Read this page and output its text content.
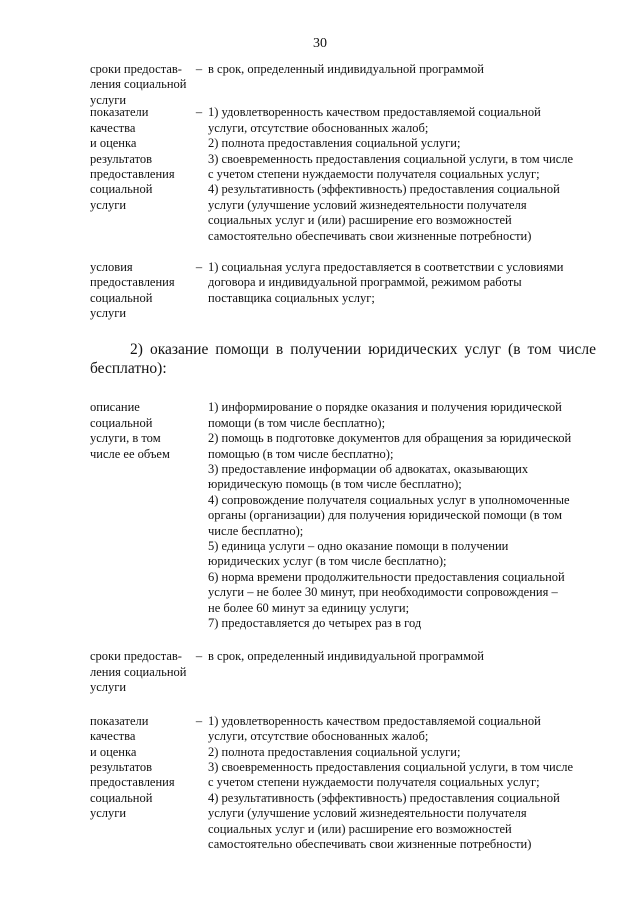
30
сроки предостав-
ления социальной
услуги
– в срок, определенный индивидуальной программой
показатели
качества
и оценка
результатов
предоставления
социальной
услуги
– 1) удовлетворенность качеством предоставляемой социальной
услуги, отсутствие обоснованных жалоб;
2) полнота предоставления социальной услуги;
3) своевременность предоставления социальной услуги, в том числе
с учетом степени нуждаемости получателя социальных услуг;
4) результативность (эффективность) предоставления социальной
услуги (улучшение условий жизнедеятельности получателя
социальных услуг и (или) расширение его возможностей
самостоятельно обеспечивать свои жизненные потребности)
условия
предоставления
социальной
услуги
– 1) социальная услуга предоставляется в соответствии с условиями
договора и индивидуальной программой, режимом работы
поставщика социальных услуг;
2) оказание помощи в получении юридических услуг (в том числе
бесплатно):
описание
социальной
услуги, в том
числе ее объем
1) информирование о порядке оказания и получения юридической
помощи (в том числе бесплатно);
2) помощь в подготовке документов для обращения за юридической
помощью (в том числе бесплатно);
3) предоставление информации об адвокатах, оказывающих
юридическую помощь (в том числе бесплатно);
4) сопровождение получателя социальных услуг в уполномоченные
органы (организации) для получения юридической помощи (в том
числе бесплатно);
5) единица услуги – одно оказание помощи в получении
юридических услуг (в том числе бесплатно);
6) норма времени продолжительности предоставления социальной
услуги – не более 30 минут, при необходимости сопровождения –
не более 60 минут за единицу услуги;
7) предоставляется до четырех раз в год
сроки предостав-
ления социальной
услуги
– в срок, определенный индивидуальной программой
показатели
качества
и оценка
результатов
предоставления
социальной
услуги
– 1) удовлетворенность качеством предоставляемой социальной
услуги, отсутствие обоснованных жалоб;
2) полнота предоставления социальной услуги;
3) своевременность предоставления социальной услуги, в том числе
с учетом степени нуждаемости получателя социальных услуг;
4) результативность (эффективность) предоставления социальной
услуги (улучшение условий жизнедеятельности получателя
социальных услуг и (или) расширение его возможностей
самостоятельно обеспечивать свои жизненные потребности)
